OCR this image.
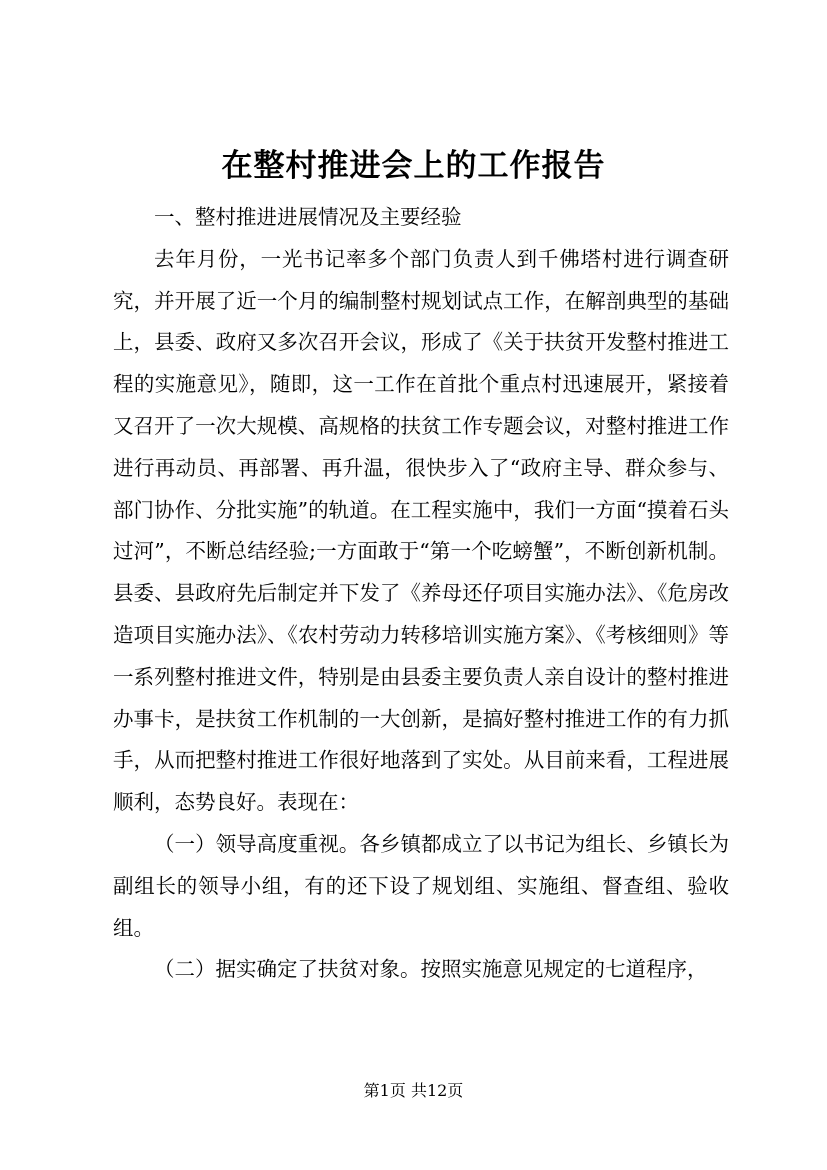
在整村推进会上的工作报告

一、整村推进进展情况及主要经验

去年月份，一光书记率多个部门负责人到千佛塔村进行调查研究，并开展了近一个月的编制整村规划试点工作，在解剖典型的基础上，县委、政府又多次召开会议，形成了《关于扶贫开发整村推进工程的实施意见》，随即，这一工作在首批个重点村迅速展开，紧接着又召开了一次大规模、高规格的扶贫工作专题会议，对整村推进工作进行再动员、再部署、再升温，很快步入了“政府主导、群众参与、部门协作、分批实施”的轨道。在工程实施中，我们一方面“摸着石头过河”，不断总结经验;一方面敢于“第一个吃螃蟹”，不断创新机制。县委、县政府先后制定并下发了《养母还仔项目实施办法》、《危房改造项目实施办法》、《农村劳动力转移培训实施方案》、《考核细则》等一系列整村推进文件，特别是由县委主要负责人亲自设计的整村推进办事卡，是扶贫工作机制的一大创新，是搞好整村推进工作的有力抓手，从而把整村推进工作很好地落到了实处。从目前来看，工程进展顺利，态势良好。表现在：

（一）领导高度重视。各乡镇都成立了以书记为组长、乡镇长为副组长的领导小组，有的还下设了规划组、实施组、督查组、验收组。

（二）据实确定了扶贫对象。按照实施意见规定的七道程序，

第1页 共12页
